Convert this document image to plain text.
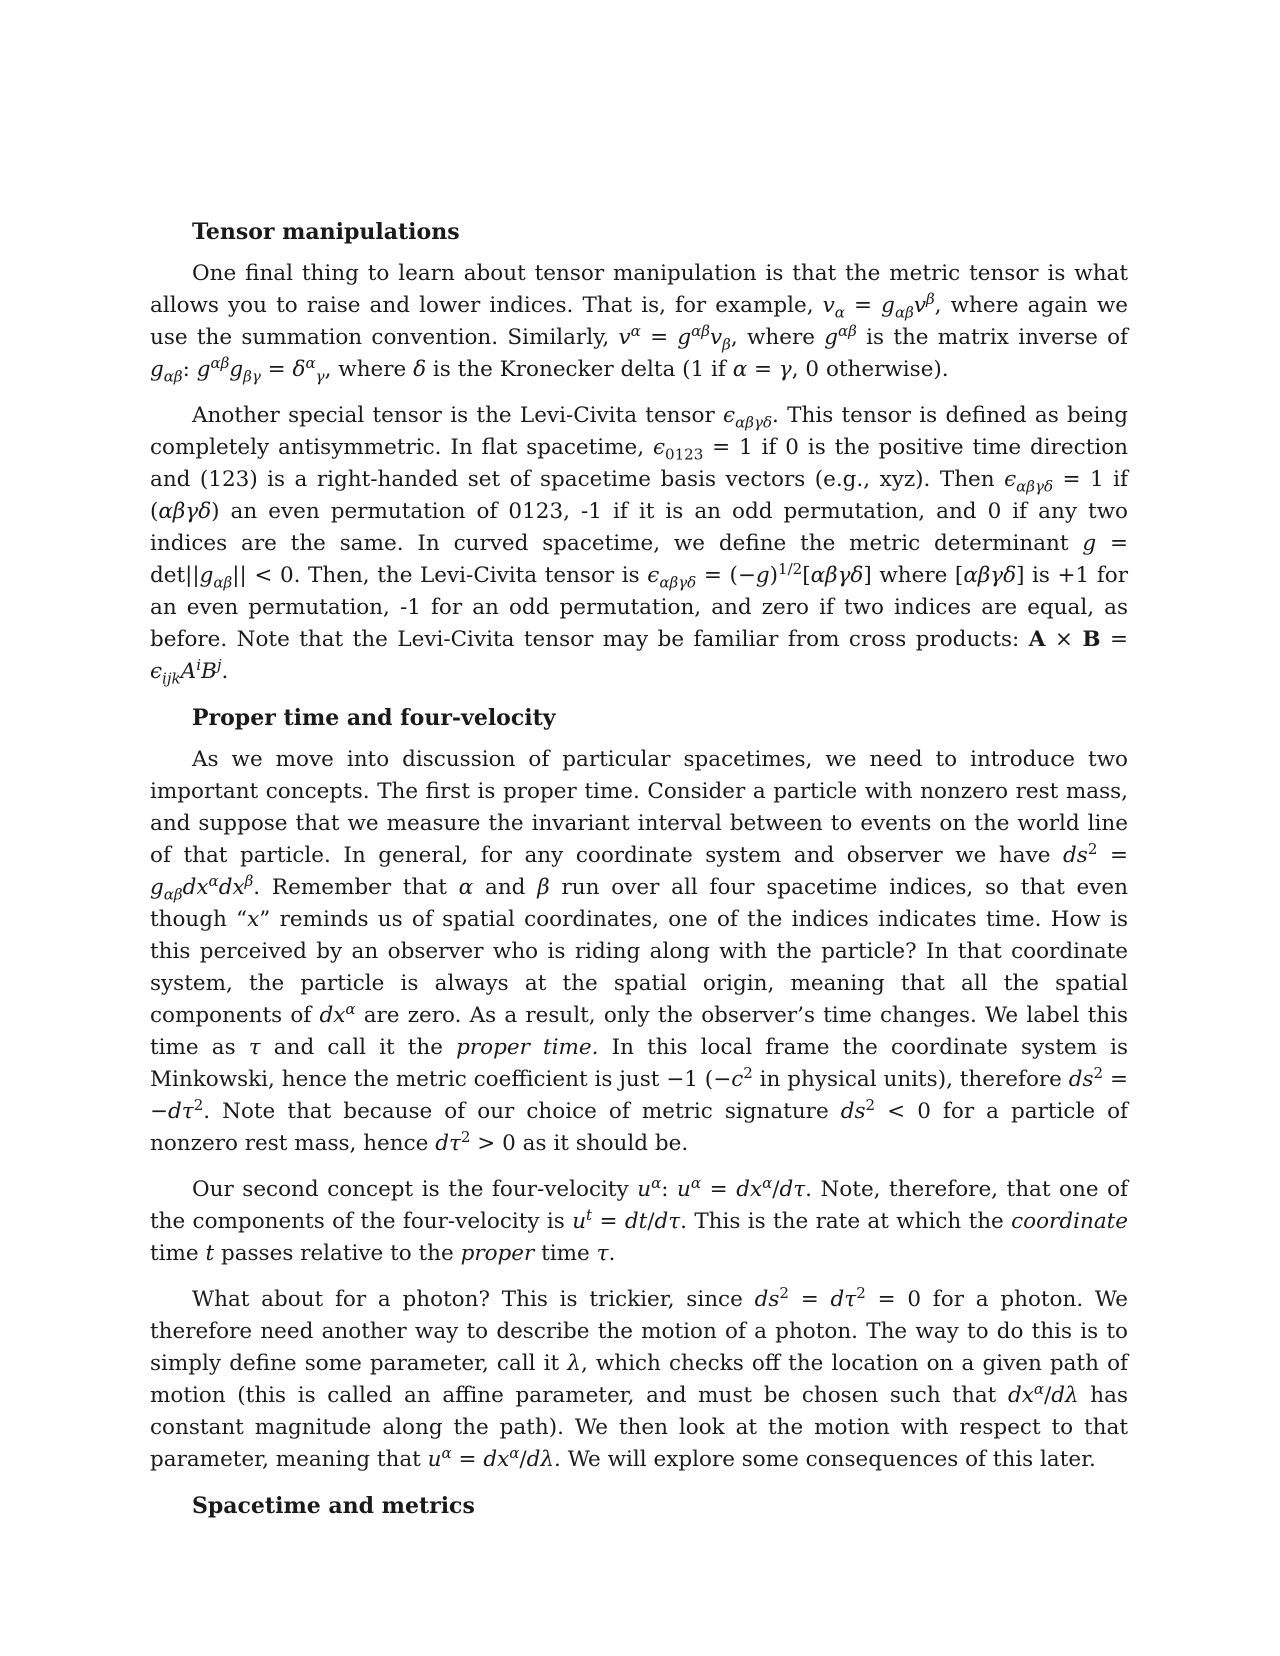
Tensor manipulations

One final thing to learn about tensor manipulation is that the metric tensor is what allows you to raise and lower indices. That is, for example, $v_\alpha = g_{\alpha\beta}v^\beta$, where again we use the summation convention. Similarly, $v^\alpha = g^{\alpha\beta}v_\beta$, where $g^{\alpha\beta}$ is the matrix inverse of $g_{\alpha\beta}$: $g^{\alpha\beta}g_{\beta\gamma} = \delta^\alpha_\gamma$, where δ is the Kronecker delta (1 if α = γ, 0 otherwise).

Another special tensor is the Levi-Civita tensor $\epsilon_{\alpha\beta\gamma\delta}$. This tensor is defined as being completely antisymmetric. In flat spacetime, $\epsilon_{0123} = 1$ if 0 is the positive time direction and (123) is a right-handed set of spacetime basis vectors (e.g., xyz). Then $\epsilon_{\alpha\beta\gamma\delta} = 1$ if (αβγδ) an even permutation of 0123, -1 if it is an odd permutation, and 0 if any two indices are the same. In curved spacetime, we define the metric determinant $g = \det||g_{\alpha\beta}|| < 0$. Then, the Levi-Civita tensor is $\epsilon_{\alpha\beta\gamma\delta} = (-g)^{1/2}[\alpha\beta\gamma\delta]$ where [αβγδ] is +1 for an even permutation, -1 for an odd permutation, and zero if two indices are equal, as before. Note that the Levi-Civita tensor may be familiar from cross products: $A \times B = \epsilon_{ijk}A^iB^j$.

Proper time and four-velocity

As we move into discussion of particular spacetimes, we need to introduce two important concepts. The first is proper time. Consider a particle with nonzero rest mass, and suppose that we measure the invariant interval between to events on the world line of that particle. In general, for any coordinate system and observer we have $ds^2 = g_{\alpha\beta}dx^\alpha dx^\beta$. Remember that α and β run over all four spacetime indices, so that even though “x” reminds us of spatial coordinates, one of the indices indicates time. How is this perceived by an observer who is riding along with the particle? In that coordinate system, the particle is always at the spatial origin, meaning that all the spatial components of $dx^\alpha$ are zero. As a result, only the observer’s time changes. We label this time as τ and call it the proper time. In this local frame the coordinate system is Minkowski, hence the metric coefficient is just −1 ($-c^2$ in physical units), therefore $ds^2 = -d\tau^2$. Note that because of our choice of metric signature $ds^2 < 0$ for a particle of nonzero rest mass, hence $d\tau^2 > 0$ as it should be.

Our second concept is the four-velocity $u^\alpha$: $u^\alpha = dx^\alpha/d\tau$. Note, therefore, that one of the components of the four-velocity is $u^t = dt/d\tau$. This is the rate at which the coordinate time t passes relative to the proper time τ.

What about for a photon? This is trickier, since $ds^2 = d\tau^2 = 0$ for a photon. We therefore need another way to describe the motion of a photon. The way to do this is to simply define some parameter, call it λ, which checks off the location on a given path of motion (this is called an affine parameter, and must be chosen such that $dx^\alpha/d\lambda$ has constant magnitude along the path). We then look at the motion with respect to that parameter, meaning that $u^\alpha = dx^\alpha/d\lambda$. We will explore some consequences of this later.

Spacetime and metrics
